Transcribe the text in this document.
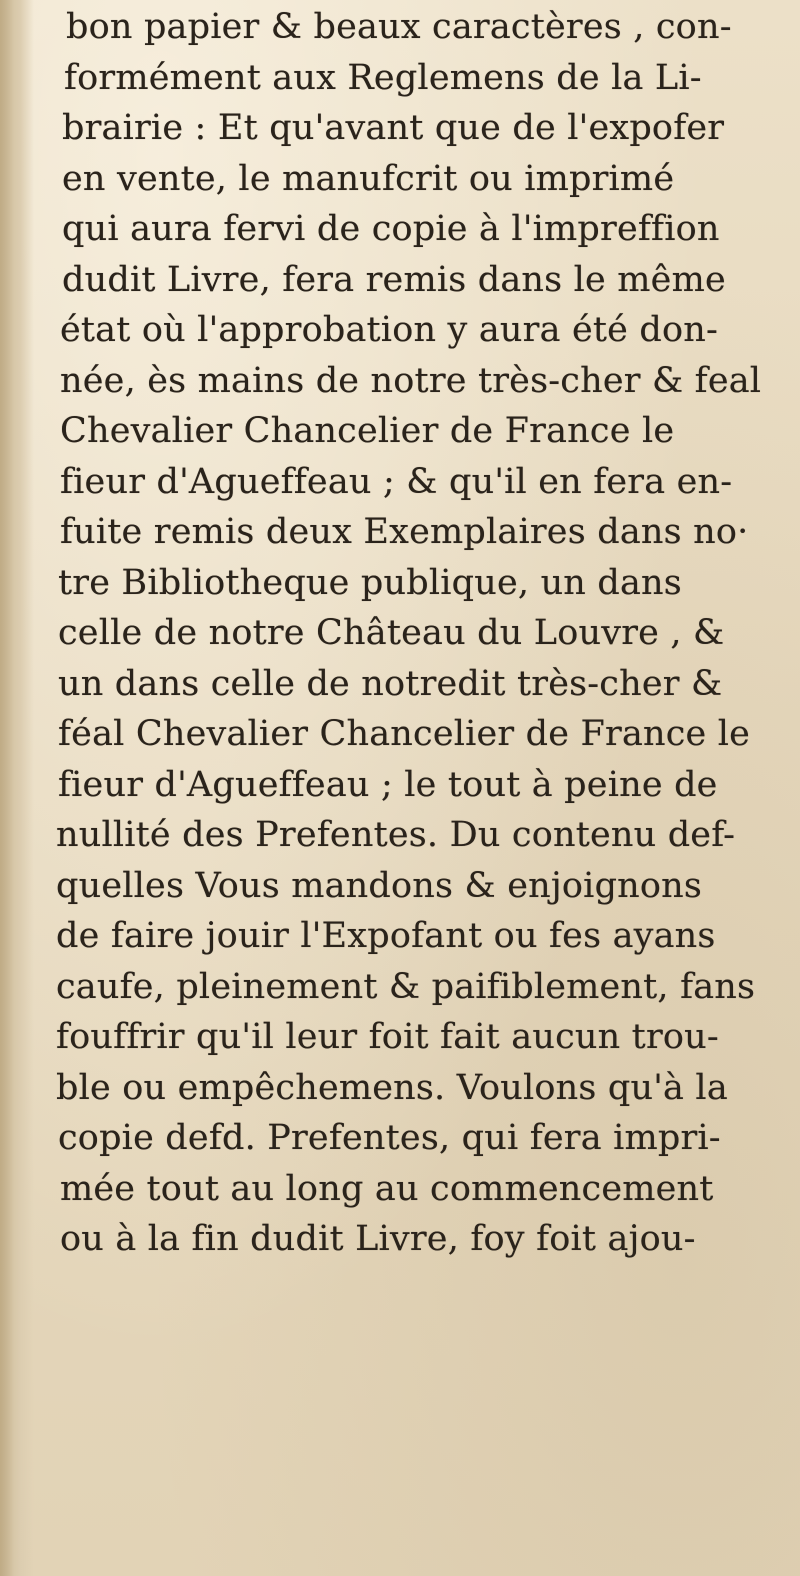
bon papier & beaux caractères , con-
formément aux Reglemens de la Li-
brairie : Et qu'avant que de l'expofer
en vente, le manufcrit ou imprimé
qui aura fervi de copie à l'impreffion
dudit Livre, fera remis dans le même
état où l'approbation y aura été don-
née, ès mains de notre très-cher & feal
Chevalier Chancelier de France le
fieur d'Agueffeau ; & qu'il en fera en-
fuite remis deux Exemplaires dans no·
tre Bibliotheque publique, un dans
celle de notre Château du Louvre , &
un dans celle de notredit très-cher &
féal Chevalier Chancelier de France le
fieur d'Agueffeau ; le tout à peine de
nullité des Prefentes. Du contenu def-
quelles Vous mandons & enjoignons
de faire jouir l'Expofant ou fes ayans
caufe, pleinement & paifiblement, fans
fouffrir qu'il leur foit fait aucun trou-
ble ou empêchemens. Voulons qu'à la
copie defd. Prefentes, qui fera impri-
mée tout au long au commencement
ou à la fin dudit Livre, foy foit ajou-
